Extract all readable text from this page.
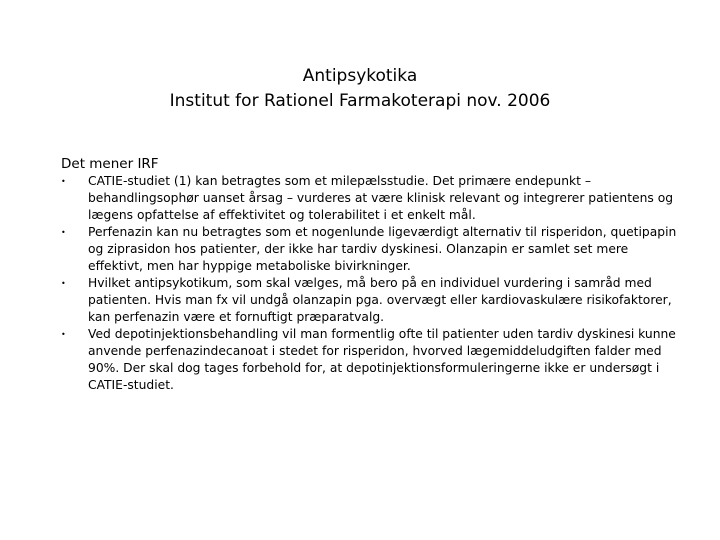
Antipsykotika
Institut for Rationel Farmakoterapi nov. 2006

Det mener IRF

• CATIE-studiet (1) kan betragtes som et milepælsstudie. Det primære endepunkt – behandlingsophør uanset årsag – vurderes at være klinisk relevant og integrerer patientens og lægens opfattelse af effektivitet og tolerabilitet i et enkelt mål.
• Perfenazin kan nu betragtes som et nogenlunde ligeværdigt alternativ til risperidon, quetipapin og ziprasidon hos patienter, der ikke har tardiv dyskinesi. Olanzapin er samlet set mere effektivt, men har hyppige metaboliske bivirkninger.
• Hvilket antipsykotikum, som skal vælges, må bero på en individuel vurdering i samråd med patienten. Hvis man fx vil undgå olanzapin pga. overvægt eller kardiovaskulære risikofaktorer, kan perfenazin være et fornuftigt præparatvalg.
• Ved depotinjektionsbehandling vil man formentlig ofte til patienter uden tardiv dyskinesi kunne anvende perfenazindecanoat i stedet for risperidon, hvorved lægemiddeludgiften falder med 90%. Der skal dog tages forbehold for, at depotinjektionsformuleringerne ikke er undersøgt i CATIE-studiet.
